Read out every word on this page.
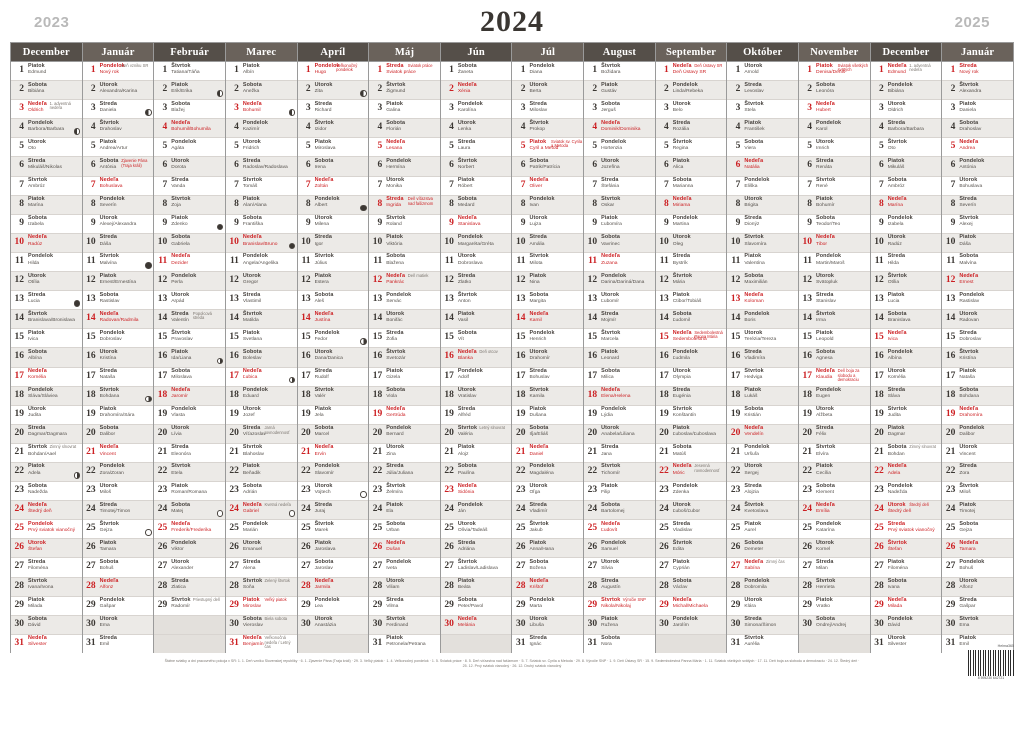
2023	2024	2025
December
1 Piatok
Edmund
2 Sobota
Bibiána
3 Nedeľa
Oldrich
1. adventná nedeľa
4 Pondelok
Barbora/Barbara
5 Utorok
Oto
6 Streda
Mikuláš/Nikolas
7 Štvrtok
Ambróz
8 Piatok
Marína
9 Sobota
Izabela
10 Nedeľa
Radúz
11 Pondelok
Hilda
12 Utorok
Otília
13 Streda
Lucia
14 Štvrtok
Branislava/Bronislava
15 Piatok
Ivica
16 Sobota
Albína
17 Nedeľa
Kornélia
18 Pondelok
Sláva/Sláviea
19 Utorok
Judita
20 Streda
Dagmar/Dagmara
21 Štvrtok
Bohdan/Aael
Zimný slnovrat
22 Piatok
Adela
23 Sobota
Nadežda
24 Nedeľa
Štedrý deň
25 Pondelok
Prvý sviatok vianočný
26 Utorok
Štefan
27 Streda
Filoména
28 Štvrtok
Ivana/Ivona
29 Piatok
Milada
30 Sobota
Dávid
31 Nedeľa
Silvester
Január
1 Pondelok
Nový rok
Deň vzniku SR
2 Utorok
Alexandra/Karina
3 Streda
Daniela
4 Štvrtok
Drahoslav
5 Piatok
Andrea/Artur
6 Sobota
Antónia
Zjavenie Pána (Traja králi)
7 Nedeľa
Bohuslava
8 Pondelok
Severín
9 Utorok
Alexej/Alexandra
10 Streda
Dáša
11 Štvrtok
Malvína
12 Piatok
Ernest/Ernestína
13 Sobota
Rastislav
14 Nedeľa
Radovan/Radmila
15 Pondelok
Dobroslav
16 Utorok
Kristína
17 Streda
Nataša
18 Štvrtok
Bohdana
19 Piatok
Drahomíra/Sára
20 Sobota
Dalibor
21 Nedeľa
Vincent
22 Pondelok
Zora/Zoran
23 Utorok
Miloš
24 Streda
Timotej/Timon
25 Štvrtok
Gejza
26 Piatok
Tamara
27 Sobota
Bohuš
28 Nedeľa
Alfonz
29 Pondelok
Gašpar
30 Utorok
Ema
31 Streda
Emil
Február
1 Štvrtok
Tatiana/Táňa
2 Piatok
Erik/Erika
3 Sobota
Blažej
4 Nedeľa
Bohumil/Bohumila
5 Pondelok
Agáta
6 Utorok
Dorota
7 Streda
Vanda
8 Štvrtok
Zoja
9 Piatok
Zdenko
10 Sobota
Gabriela
11 Nedeľa
Dezider
12 Pondelok
Perla
13 Utorok
Arpád
14 Streda
Valentín
Popolcová streda
15 Štvrtok
Pravoslav
16 Piatok
Ida/Liana
17 Sobota
Miloslava
18 Nedeľa
Jaromír
19 Pondelok
Vlasta
20 Utorok
Lívia
21 Streda
Eleonóra
22 Štvrtok
Etela
23 Piatok
Roman/Romana
24 Sobota
Matej
25 Nedeľa
Frederik/Frederika
26 Pondelok
Viktor
27 Utorok
Alexander
28 Streda
Zlatica
29 Štvrtok
Radomír
Priestupný deň
Marec
1 Piatok
Albín
2 Sobota
Anežka
3 Nedeľa
Bohumil
4 Pondelok
Kazimír
5 Utorok
Fridrich
6 Streda
Radoslav/Radoslava
7 Štvrtok
Tomáš
8 Piatok
Alan/Alana
9 Sobota
Františka
10 Nedeľa
Branislav/Bruno
11 Pondelok
Angela/Angelika
12 Utorok
Gregor
13 Streda
Vlastimil
14 Štvrtok
Matilda
15 Piatok
Svetlana
16 Sobota
Boleslav
17 Nedeľa
Ľubica
18 Pondelok
Eduard
19 Utorok
Jozef
20 Streda
Víťazoslav
Jarná rovnodennosť
21 Štvrtok
Blahoslav
22 Piatok
Beňadik
23 Sobota
Adrián
24 Nedeľa
Gabriel
Kvetná nedeľa
25 Pondelok
Marián
26 Utorok
Emanuel
27 Streda
Alena
28 Štvrtok
Soňa
Zelený štvrtok
29 Piatok
Miroslav
Veľký piatok
30 Sobota
Vieroslav
Biela sobota
31 Nedeľa
Benjamín
Veľkonočná nedeľa / Letný čas
Apríl
1 Pondelok
Hugo
Veľkonočný pondelok
2 Utorok
Zita
3 Streda
Richard
4 Štvrtok
Izidor
5 Piatok
Miroslava
6 Sobota
Irena
7 Nedeľa
Zoltán
8 Pondelok
Albert
9 Utorok
Milena
10 Streda
Igor
11 Štvrtok
Július
12 Piatok
Estera
13 Sobota
Aleš
14 Nedeľa
Justína
15 Pondelok
Fedor
16 Utorok
Dana/Danica
17 Streda
Rudolf
18 Štvrtok
Valér
19 Piatok
Jela
20 Sobota
Marcel
21 Nedeľa
Ervín
22 Pondelok
Slavomír
23 Utorok
Vojtech
24 Streda
Juraj
25 Štvrtok
Marek
26 Piatok
Jaroslava
27 Sobota
Jaroslav
28 Nedeľa
Jarmila
29 Pondelok
Lea
30 Utorok
Anastázia
Máj
1 Streda
Sviatok práce
Sviatok práce
2 Štvrtok
Žigmund
3 Piatok
Galina
4 Sobota
Florián
5 Nedeľa
Lesana
6 Pondelok
Hermína
7 Utorok
Monika
8 Streda
Ingrida
Deň víťazstva nad fašizmom
9 Štvrtok
Roland
10 Piatok
Viktória
11 Sobota
Blažena
12 Nedeľa
Pankrác
Deň matiek
13 Pondelok
Servác
14 Utorok
Bonifác
15 Streda
Žofia
16 Štvrtok
Svetozár
17 Piatok
Gizela
18 Sobota
Viola
19 Nedeľa
Gertrúda
20 Pondelok
Bernard
21 Utorok
Zina
22 Streda
Júlia/Juliana
23 Štvrtok
Želmíra
24 Piatok
Ela
25 Sobota
Urban
26 Nedeľa
Dušan
27 Pondelok
Iveta
28 Utorok
Viliam
29 Streda
Vilma
30 Štvrtok
Ferdinand
31 Piatok
Petronela/Petrana
Jún
1 Sobota
Žaneta
2 Nedeľa
Xénia
3 Pondelok
Karolína
4 Utorok
Lenka
5 Streda
Laura
6 Štvrtok
Norbert
7 Piatok
Róbert
8 Sobota
Medard
9 Nedeľa
Stanislava
10 Pondelok
Margaréta/Gréta
11 Utorok
Dobroslava
12 Streda
Zlatko
13 Štvrtok
Anton
14 Piatok
Vasil
15 Sobota
Vít
16 Nedeľa
Blanka
Deň otcov
17 Pondelok
Adolf
18 Utorok
Vratislav
19 Streda
Alfréd
20 Štvrtok
Valéria
Letný slnovrat
21 Piatok
Alojz
22 Sobota
Paulína
23 Nedeľa
Sidónia
24 Pondelok
Ján
25 Utorok
Olívia/Tadeáš
26 Streda
Adriána
27 Štvrtok
Ladislav/Ladislava
28 Piatok
Beáta
29 Sobota
Peter/Pavol
30 Nedeľa
Melánia
Júl
1 Pondelok
Diana
2 Utorok
Berta
3 Streda
Miloslav
4 Štvrtok
Prokop
5 Piatok
Cyril a Metod
Sviatok sv. Cyrila a Metoda
6 Sobota
Patrik/Patrícia
7 Nedeľa
Oliver
8 Pondelok
Ivan
9 Utorok
Lujza
10 Streda
Amália
11 Štvrtok
Milota
12 Piatok
Nina
13 Sobota
Margita
14 Nedeľa
Kamil
15 Pondelok
Henrich
16 Utorok
Drahomír
17 Streda
Bohuslav
18 Štvrtok
Kamila
19 Piatok
Dušana
20 Sobota
Iľja/Eliáš
21 Nedeľa
Daniel
22 Pondelok
Magdaléna
23 Utorok
Oľga
24 Streda
Vladimír
25 Štvrtok
Jakub
26 Piatok
Anna/Hana
27 Sobota
Božena
28 Nedeľa
Krištof
29 Pondelok
Marta
30 Utorok
Libuša
31 Streda
Ignác
August
1 Štvrtok
Božidara
2 Piatok
Gustáv
3 Sobota
Jerguš
4 Nedeľa
Dominik/Dominika
5 Pondelok
Hortenzia
6 Utorok
Jozefína
7 Streda
Štefánia
8 Štvrtok
Oskar
9 Piatok
Ľubomíra
10 Sobota
Vavrinec
11 Nedeľa
Zuzana
12 Pondelok
Darina/Dariná/Dana
13 Utorok
Ľubomír
14 Streda
Mojmír
15 Štvrtok
Marcela
16 Piatok
Leonard
17 Sobota
Milica
18 Nedeľa
Elena/Helena
19 Pondelok
Lýdia
20 Utorok
Anabela/Liliana
21 Streda
Jana
22 Štvrtok
Tichomír
23 Piatok
Filip
24 Sobota
Bartolomej
25 Nedeľa
Ľudovít
26 Pondelok
Samuel
27 Utorok
Silvia
28 Streda
Augustín
29 Štvrtok
Nikola/Nikolaj
Výročie SNP
30 Piatok
Ružena
31 Sobota
Nora
September
1 Nedeľa
Deň Ústavy SR
Deň Ústavy SR
2 Pondelok
Linda/Rebeka
3 Utorok
Belo
4 Streda
Rozália
5 Štvrtok
Regina
6 Piatok
Alica
7 Sobota
Marianna
8 Nedeľa
Miriama
9 Pondelok
Martina
10 Utorok
Oleg
11 Streda
Bystrík
12 Štvrtok
Mária
13 Piatok
Ctibor/Tobiáš
14 Sobota
Ľudomil
15 Nedeľa
Sedembolestná
Sedembolestná Panna Mária
16 Pondelok
Ľudmila
17 Utorok
Olympia
18 Streda
Eugénia
19 Štvrtok
Konštantín
20 Piatok
Ľuboslav/Ľuboslava
21 Sobota
Matúš
22 Nedeľa
Móric
Jesenná rovnodennosť
23 Pondelok
Zdenka
24 Utorok
Ľuboš/Ľubor
25 Streda
Vladislav
26 Štvrtok
Edita
27 Piatok
Cyprián
28 Sobota
Václav
29 Nedeľa
Michal/Michaela
30 Pondelok
Jarolím
Október
1 Utorok
Arnold
2 Streda
Levoslav
3 Štvrtok
Stela
4 Piatok
František
5 Sobota
Viera
6 Nedeľa
Natália
7 Pondelok
Eliška
8 Utorok
Brigita
9 Streda
Dionýz
10 Štvrtok
Slavomíra
11 Piatok
Valentína
12 Sobota
Maximilián
13 Nedeľa
Koloman
14 Pondelok
Boris
15 Utorok
Terézia/Tereza
16 Streda
Vladimíra
17 Štvrtok
Hedviga
18 Piatok
Lukáš
19 Sobota
Kristián
20 Nedeľa
Vendelín
21 Pondelok
Uršuľa
22 Utorok
Sergej
23 Streda
Alojzia
24 Štvrtok
Kvetoslava
25 Piatok
Aurel
26 Sobota
Demeter
27 Nedeľa
Sabína
Zimný čas
28 Pondelok
Dobromila
29 Utorok
Klára
30 Streda
Simona/Šimon
31 Štvrtok
Aurélia
November
1 Piatok
Denisa/Denis
Sviatok všetkých svätých
2 Sobota
Leonóra
3 Nedeľa
Hubert
4 Pondelok
Karol
5 Utorok
Imrich
6 Streda
Renáta
7 Štvrtok
René
8 Piatok
Bohumír
9 Sobota
Teodor/Teo
10 Nedeľa
Tibor
11 Pondelok
Martin/Maroš
12 Utorok
Svätopluk
13 Streda
Stanislav
14 Štvrtok
Irma
15 Piatok
Leopold
16 Sobota
Agnesa
17 Nedeľa
Klaudia
Deň boja za slobodu a demokraciu
18 Pondelok
Eugen
19 Utorok
Alžbeta
20 Streda
Félix
21 Štvrtok
Elvíra
22 Piatok
Cecília
23 Sobota
Klement
24 Nedeľa
Emília
25 Pondelok
Katarína
26 Utorok
Kornel
27 Streda
Milan
28 Štvrtok
Henrieta
29 Piatok
Vratko
30 Sobota
Ondrej/Andrej
December
1 Nedeľa
Edmund
1. adventná nedeľa
2 Pondelok
Bibiána
3 Utorok
Oldrich
4 Streda
Barbora/Barbara
5 Štvrtok
Oto
6 Piatok
Mikuláš
7 Sobota
Ambróz
8 Nedeľa
Marína
9 Pondelok
Izabela
10 Utorok
Radúz
11 Streda
Hilda
12 Štvrtok
Otília
13 Piatok
Lucia
14 Sobota
Branislava
15 Nedeľa
Ivica
16 Pondelok
Albína
17 Utorok
Kornélia
18 Streda
Sláva
19 Štvrtok
Judita
20 Piatok
Dagmar
21 Sobota
Bohdan
Zimný slnovrat
22 Nedeľa
Adela
23 Pondelok
Nadežda
24 Utorok
Štedrý deň
Štedrý deň
25 Streda
Prvý sviatok vianočný
26 Štvrtok
Štefan
27 Piatok
Filoména
28 Sobota
Ivana
29 Nedeľa
Milada
30 Pondelok
Dávid
31 Utorok
Silvester
Január
1 Streda
Nový rok
2 Štvrtok
Alexandra
3 Piatok
Daniela
4 Sobota
Drahoslav
5 Nedeľa
Andrea
6 Pondelok
Antónia
7 Utorok
Bohuslava
8 Streda
Severín
9 Štvrtok
Alexej
10 Piatok
Dáša
11 Sobota
Malvína
12 Nedeľa
Ernest
13 Pondelok
Rastislav
14 Utorok
Radovan
15 Streda
Dobroslav
16 Štvrtok
Kristína
17 Piatok
Nataša
18 Sobota
Bohdana
19 Nedeľa
Drahomíra
20 Pondelok
Dalibor
21 Utorok
Vincent
22 Streda
Zora
23 Štvrtok
Miloš
24 Piatok
Timotej
25 Sobota
Gejza
26 Nedeľa
Tamara
27 Pondelok
Bohuš
28 Utorok
Alfonz
29 Streda
Gašpar
30 Štvrtok
Ema
31 Piatok
Emil
Štátne sviatky a dni pracovného pokoja v SR: 1. 1. Deň vzniku Slovenskej republiky · 6. 1. Zjavenie Pána (Traja králi) · 29. 3. Veľký piatok · 1. 4. Veľkonočný pondelok · 1. 5. Sviatok práce · 8. 5. Deň víťazstva nad fašizmom · 5. 7. Sviatok sv. Cyrila a Metoda · 29. 8. Výročie SNP · 1. 9. Deň Ústavy SR · 15. 9. Sedembolestná Panna Mária · 1. 11. Sviatok všetkých svätých · 17. 11. Deň boja za slobodu a demokraciu · 24. 12. Štedrý deň · 25. 12. Prvý sviatok vianočný · 26. 12. Druhý sviatok vianočný
Helma365
8 595230 642721
